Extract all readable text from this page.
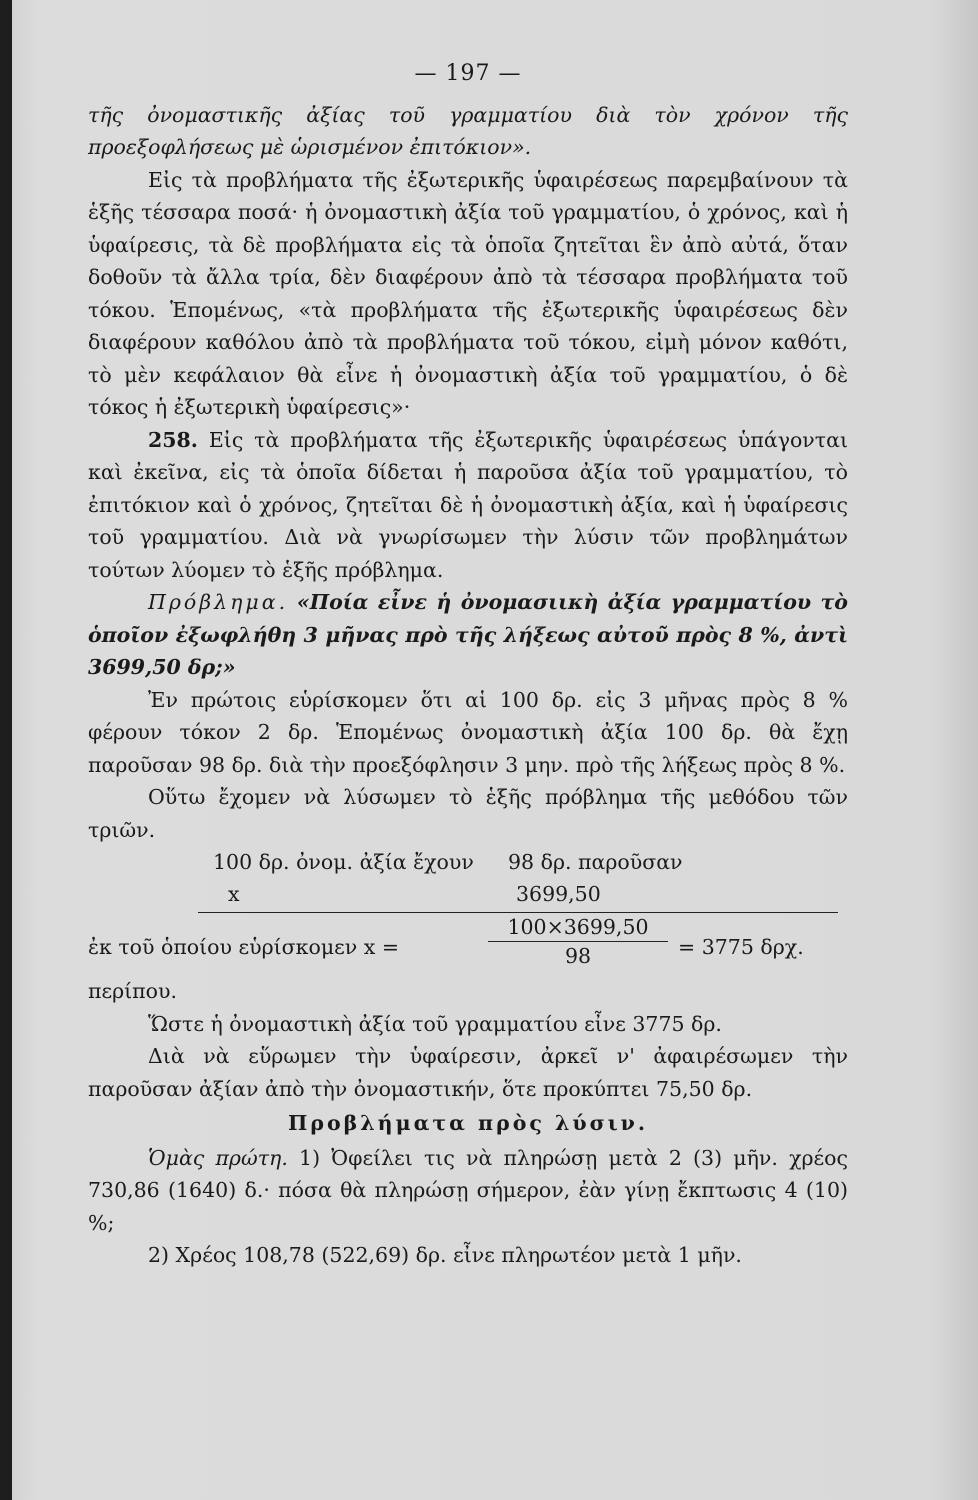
— 197 —

τῆς ὀνομαστικῆς ἀξίας τοῦ γραμματίου διὰ τὸν χρόνον τῆς προεξοφλήσεως μὲ ὡρισμένον ἐπιτόκιον».

Εἰς τὰ προβλήματα τῆς ἐξωτερικῆς ὑφαιρέσεως παρεμβαίνουν τὰ ἑξῆς τέσσαρα ποσά· ἡ ὀνομαστικὴ ἀξία τοῦ γραμματίου, ὁ χρόνος, καὶ ἡ ὑφαίρεσις, τὰ δὲ προβλήματα εἰς τὰ ὁποῖα ζητεῖται ἓν ἀπὸ αὐτά, ὅταν δοθοῦν τὰ ἄλλα τρία, δὲν διαφέρουν ἀπὸ τὰ τέσσαρα προβλήματα τοῦ τόκου. Ἑπομένως, «τὰ προβλήματα τῆς ἐξωτερικῆς ὑφαιρέσεως δὲν διαφέρουν καθόλου ἀπὸ τὰ προβλήματα τοῦ τόκου, εἰμὴ μόνον καθότι, τὸ μὲν κεφάλαιον θὰ εἶνε ἡ ὀνομαστικὴ ἀξία τοῦ γραμματίου, ὁ δὲ τόκος ἡ ἐξωτερικὴ ὑφαίρεσις»·

258. Εἰς τὰ προβλήματα τῆς ἐξωτερικῆς ὑφαιρέσεως ὑπάγονται καὶ ἐκεῖνα, εἰς τὰ ὁποῖα δίδεται ἡ παροῦσα ἀξία τοῦ γραμματίου, τὸ ἐπιτόκιον καὶ ὁ χρόνος, ζητεῖται δὲ ἡ ὀνομαστικὴ ἀξία, καὶ ἡ ὑφαίρεσις τοῦ γραμματίου. Διὰ νὰ γνωρίσωμεν τὴν λύσιν τῶν προβλημάτων τούτων λύομεν τὸ ἑξῆς πρόβλημα.

Πρόβλημα. «Ποία εἶνε ἡ ὀνομασιικὴ ἀξία γραμματίου τὸ ὁποῖον ἐξωφλήθη 3 μῆνας πρὸ τῆς λήξεως αὐτοῦ πρὸς 8 %, ἀντὶ 3699,50 δρ;»

Ἐν πρώτοις εὑρίσκομεν ὅτι αἱ 100 δρ. εἰς 3 μῆνας πρὸς 8 % φέρουν τόκον 2 δρ. Ἑπομένως ὀνομαστικὴ ἀξία 100 δρ. θὰ ἔχῃ παροῦσαν 98 δρ. διὰ τὴν προεξόφλησιν 3 μην. πρὸ τῆς λήξεως πρὸς 8 %.

Οὕτω ἔχομεν νὰ λύσωμεν τὸ ἑξῆς πρόβλημα τῆς μεθόδου τῶν τριῶν.

100 δρ. ὀνομ. ἀξία ἔχουν 98 δρ. παροῦσαν
x	3699,50
ἐκ τοῦ ὁποίου εὑρίσκομεν x =	$\frac{100\times 3699,50}{98} = 3775$ δρχ.

περίπου.

Ὥστε ἡ ὀνομαστικὴ ἀξία τοῦ γραμματίου εἶνε 3775 δρ.

Διὰ νὰ εὕρωμεν τὴν ὑφαίρεσιν, ἀρκεῖ ν' ἀφαιρέσωμεν τὴν παροῦσαν ἀξίαν ἀπὸ τὴν ὀνομαστικήν, ὅτε προκύπτει 75,50 δρ.

Προβλήματα πρὸς λύσιν.

Ὁμὰς πρώτη. 1) Ὀφείλει τις νὰ πληρώσῃ μετὰ 2 (3) μῆν. χρέος 730,86 (1640) δ.· πόσα θὰ πληρώσῃ σήμερον, ἐὰν γίνῃ ἔκπτωσις 4 (10) %;

2) Χρέος 108,78 (522,69) δρ. εἶνε πληρωτέον μετὰ 1 μῆν.
